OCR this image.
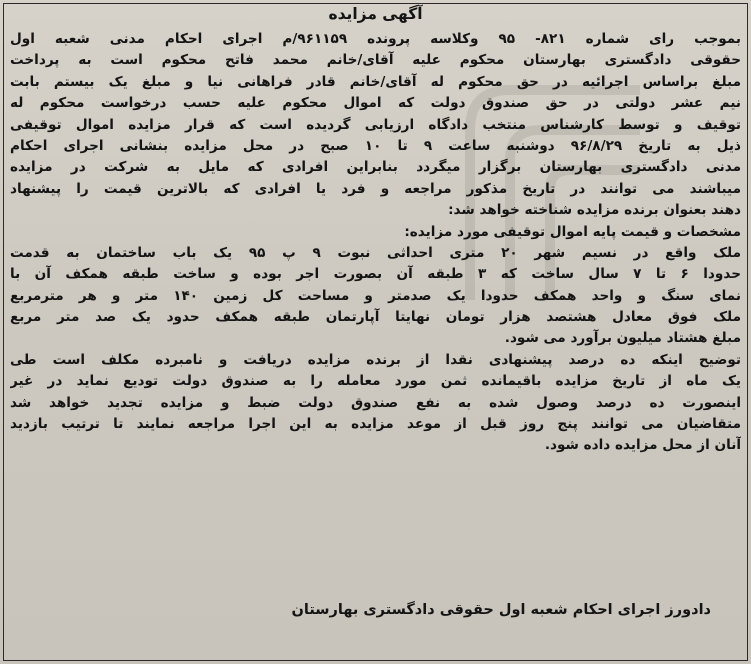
آگهی مزایده
بموجب رای شماره ۸۲۱- ۹۵ وکلاسه پرونده ۹۶۱۱۵۹/م اجرای احکام مدنی شعبه اول
حقوقی دادگستری بهارستان محکوم علیه آقای/خانم محمد فاتح محکوم است به پرداخت
مبلغ براساس اجرائیه در حق محکوم له آقای/خانم قادر فراهانی نیا و مبلغ یک بیستم بابت
نیم عشر دولتی در حق صندوق دولت که اموال محکوم علیه حسب درخواست محکوم له
توقیف و توسط کارشناس منتخب دادگاه ارزیابی گردیده است که قرار مزایده اموال توقیفی
ذیل به تاریخ ۹۶/۸/۲۹ دوشنبه ساعت ۹ تا ۱۰ صبح در محل مزایده بنشانی اجرای احکام
مدنی دادگستری بهارستان برگزار میگردد بنابراین افرادی که مایل به شرکت در مزایده
میباشند می توانند در تاریخ مذکور مراجعه و فرد یا افرادی که بالاترین قیمت را پیشنهاد
دهند بعنوان برنده مزایده شناخته خواهد شد:
مشخصات و قیمت پایه اموال توقیفی مورد مزایده:
ملک واقع در نسیم شهر ۲۰ متری احداثی نبوت ۹ پ ۹۵ یک باب ساختمان به قدمت
حدودا ۶ تا ۷ سال ساخت که ۳ طبقه آن بصورت اجر بوده و ساخت طبقه همکف آن با
نمای سنگ و واحد همکف حدودا یک صدمتر و مساحت کل زمین ۱۴۰ متر و هر مترمربع
ملک فوق معادل هشتصد هزار تومان نهایتا آپارتمان طبقه همکف حدود یک صد متر مربع
مبلغ هشتاد میلیون برآورد می شود.
توضیح اینکه ده درصد پیشنهادی نقدا از برنده مزایده دریافت و نامبرده مکلف است طی
یک ماه از تاریخ مزایده باقیمانده ثمن مورد معامله را به صندوق دولت تودیع نماید در غیر
اینصورت ده درصد وصول شده به نفع صندوق دولت ضبط و مزایده تجدید خواهد شد
متقاضیان می توانند پنج روز قبل از موعد مزایده به این اجرا مراجعه نمایند تا ترتیب بازدید
آنان از محل مزایده داده شود.
دادورز اجرای احکام شعبه اول حقوقی دادگستری بهارستان
